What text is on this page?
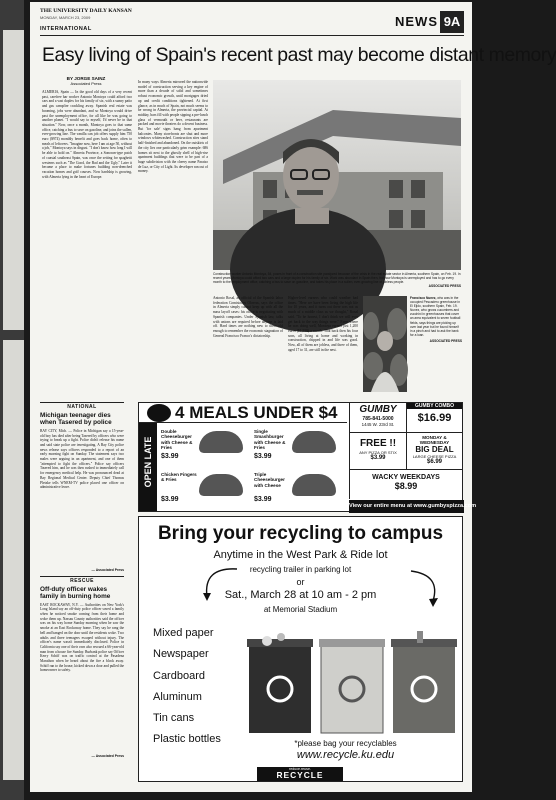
THE UNIVERSITY DAILY KANSAN
MONDAY, MARCH 23, 2009
INTERNATIONAL	NEWS 9A
Easy living of Spain's recent past may become distant memory
BY JORGE SAINZ
Associated Press
ALMERIA, Spain — In the good old days of a very recent past, carefree bar worker Antonio Montoya could afford two cars and a vast duplex for his family of six, with a sunny patio and gas campfire crackling away. Spanish real estate was booming, jobs were abundant, and so Montoya would drive past the unemployment office, for all like he was going to another planet. "I would say to myself, I'd never be in that situation." Now, once a month, Montoya goes to that same office, catching a bus to save on gasoline, and joins the sullen, ever-growing line. The vanilla can job offers supply him 750 euro ($974) monthly benefit and goes back home, often to meals of leftovers. "Imagine now, here I am at age 50, without a job," Montoya says in disgust. "I don't know how long I will be able to hold on." Almeria Province, a Sonoran-type patch of coastal southeast Spain, was once the setting for spaghetti westerns such as "The Good, the Bad and the Ugly." Later it became a place to make fortunes building non-drenched vacation homes and golf courses. Now hardship is growing, with Almeria lying in the heart of Europe.
In many ways Almeria mirrored the nationwide model of construction serving a key engine of more than a decade of solid and sometimes robust economic growth, until mortgages dried up and credit conditions tightened. At first glance, as in much of Spain, not much seems to be wrong in Almeria, the provincial capital. At midday, bars fill with people sipping a pre-lunch glass of vermouth or beer, restaurants are packed and movie theaters do a decent business. But 'for sale' signs hang from apartment balconies. Many storefronts are shut and more windows whitewashed. Construction sites stand half-finished and abandoned. On the outskirts of the city lies one particularly grim example: 686 homes sit next to the ghostly shell of high-rise apartment buildings that were to be part of a huge subdivision with the cheery name Paraiso de Luz, or City of Light. Its developer ran out of money.
Construction worker Antonio Montoya, 54, poses in front of a construction site paralyzed because of the crisis in the real estate sector in Almeria, southern Spain, on Feb. 19. In recent years Montoya could afford two cars and a large duplex for his family of six. Work was abundant in Spain then, but now Montoya is unemployed and has to go every month to the employment office, catching a bus to save on gasoline, and takes his place in a sullen, ever-growing line of jobless people.
ASSOCIATED PRESS
Antonio Rosal, an official of the Spanish labor federation Comisiones Obreras, says the office in Almeria simply cannot keep up with all the mass layoff cases: his office is negotiating with Spanish companies. Under Spanish law, talks with unions are required before anyone is laid off. Hard times are nothing new to these old enough to remember the economic stagnation of General Francisco Franco's dictatorship.
Higher-level earners who could weather bad times. "Here we have been living the high life for 10 years, and it turns out there was not as much of a middle class as we thought," Rosal said. "To be honest, I don't think we will ever get back to the way things were." Even where he was doing well, Montoya earned just 1,200 euros ($1,550) a month. That back then his four sons, all living at home and working in construction, chipped in and life was good. Now, all of them are jobless, and three of them, aged 17 to 31, are still in the nest.
Francisco Nunez, who was in the occupied Pescadero greenhouse in El Ejido, southern Spain, Feb. 19. Nunez, who grows cucumbers and zucchini in greenhouses that cover an area equivalent to seven football fields, says things are picking up over last year but he found himself in a pinch and had to ask the bank for a loan.
ASSOCIATED PRESS
NATIONAL
Michigan teenager dies when Tasered by police
BAY CITY, Mich. — Police in Michigan say a 15-year-old boy has died after being Tasered by officers who were trying to break up a fight. Police didn't release his name and said state police are investigating. A Bay City police news release says officers responded to a report of an early morning fight on Sunday. The statement says two males were arguing in an apartment, and one of them "attempted to fight the officers." Police say officers Tasered him, and he was then rushed to immediately call for emergency medical help. He was pronounced dead at Bay Regional Medical Center. Deputy Chief Thomas Pletzke tells WNEM-TV police placed one officer on administrative leave.
— Associated Press
RESCUE
Off-duty officer wakes family in burning home
EAST ROCKAWAY, N.Y. — Authorities on New York's Long Island say an off-duty police officer saved a family when he noticed smoke coming from their home and woke them up. Nassau County authorities said the officer was on his way home Sunday morning when he saw the smoke at an East Rockaway home. They say he rang the bell and banged on the door until the residents woke. Two adults and three teenagers escaped without injury. The officer's name wasn't immediately disclosed. Police in California say one of their own also rescued a 66-year-old man from a house fire Sunday. Burbank police say Officer Kerry Schiff was on traffic control at the Pasadena Marathon when he heard about the fire a block away. Schiff ran to the house, kicked down a door and pulled the homeowner to safety.
— Associated Press
4 MEALS UNDER $4
OPEN LATE
Double Cheeseburger with Cheese & Fries
$3.99
Single Smashburger with Cheese & Fries
$3.99
Chicken Fingers & Fries
$3.99
Triple Cheeseburger with Cheese
$3.99
GUMBY
785-841-5000
1445 W. 23rd St.
GUMBY COMBO
$16.99
FREE !!
ANY PIZZA OR STIX
$3.99
MONDAY & WEDNESDAY
BIG DEAL
LARGE CHEESE PIZZA
$6.99
WACKY WEEKDAYS
$8.99
View our entire menu at www.gumbyspizza.com
Bring your recycling to campus
Anytime in the West Park & Ride lot
recycling trailer in parking lot
or
Sat., March 28 at 10 am - 2 pm
at Memorial Stadium
Mixed paper
Newspaper
Cardboard
Aluminum
Tin cans
Plastic bottles	*please bag your recyclables
www.recycle.ku.edu
reduce.reuse.
RECYCLE
